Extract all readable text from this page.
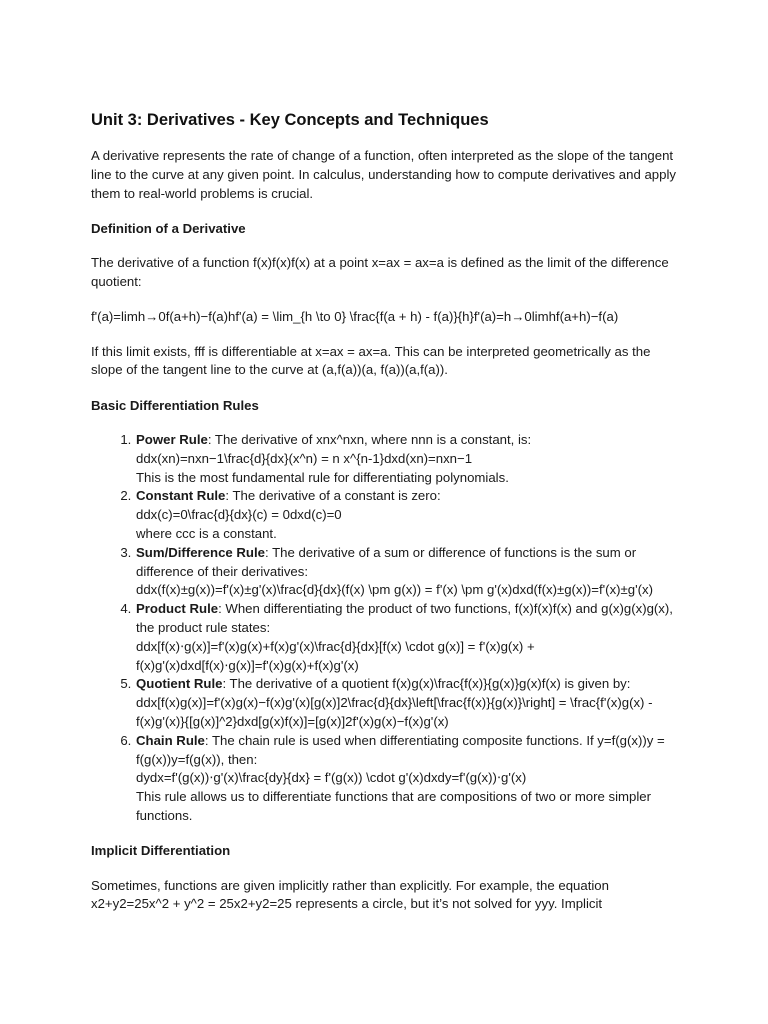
Unit 3: Derivatives - Key Concepts and Techniques

A derivative represents the rate of change of a function, often interpreted as the slope of the tangent line to the curve at any given point. In calculus, understanding how to compute derivatives and apply them to real-world problems is crucial.

Definition of a Derivative

The derivative of a function f(x)f(x)f(x) at a point x=ax = ax=a is defined as the limit of the difference quotient:

f'(a)=limh→0f(a+h)−f(a)hf'(a) = \lim_{h \to 0} \frac{f(a + h) - f(a)}{h}f'(a)=h→0limhf(a+h)−f(a)

If this limit exists, fff is differentiable at x=ax = ax=a. This can be interpreted geometrically as the slope of the tangent line to the curve at (a,f(a))(a, f(a))(a,f(a)).

Basic Differentiation Rules
1. Power Rule: The derivative of xnx^nxn, where nnn is a constant, is:
ddx(xn)=nxn−1\frac{d}{dx}(x^n) = n x^{n-1}dxd(xn)=nxn−1
This is the most fundamental rule for differentiating polynomials.
2. Constant Rule: The derivative of a constant is zero:
ddx(c)=0\frac{d}{dx}(c) = 0dxd(c)=0
where ccc is a constant.
3. Sum/Difference Rule: The derivative of a sum or difference of functions is the sum or difference of their derivatives:
ddx(f(x)±g(x))=f'(x)±g'(x)\frac{d}{dx}(f(x) \pm g(x)) = f'(x) \pm g'(x)dxd(f(x)±g(x))=f'(x)±g'(x)
4. Product Rule: When differentiating the product of two functions, f(x)f(x)f(x) and g(x)g(x)g(x), the product rule states:
ddx[f(x)⋅g(x)]=f'(x)g(x)+f(x)g'(x)\frac{d}{dx}[f(x) \cdot g(x)] = f'(x)g(x) + f(x)g'(x)dxd[f(x)⋅g(x)]=f'(x)g(x)+f(x)g'(x)
5. Quotient Rule: The derivative of a quotient f(x)g(x)\frac{f(x)}{g(x)}g(x)f(x) is given by:
ddx[f(x)g(x)]=f'(x)g(x)−f(x)g'(x)[g(x)]2\frac{d}{dx}\left[\frac{f(x)}{g(x)}\right] = \frac{f'(x)g(x) - f(x)g'(x)}{[g(x)]^2}dxd[g(x)f(x)]=[g(x)]2f'(x)g(x)−f(x)g'(x)
6. Chain Rule: The chain rule is used when differentiating composite functions. If y=f(g(x))y = f(g(x))y=f(g(x)), then:
dydx=f'(g(x))⋅g'(x)\frac{dy}{dx} = f'(g(x)) \cdot g'(x)dxdy=f'(g(x))⋅g'(x)
This rule allows us to differentiate functions that are compositions of two or more simpler functions.
Implicit Differentiation

Sometimes, functions are given implicitly rather than explicitly. For example, the equation x2+y2=25x^2 + y^2 = 25x2+y2=25 represents a circle, but it’s not solved for yyy. Implicit
